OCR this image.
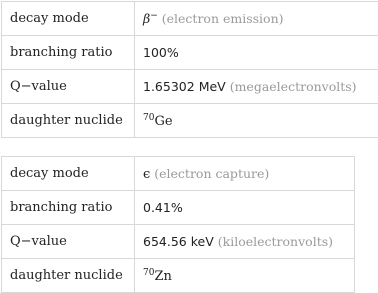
decay mode	β− (electron emission)
branching ratio	100%
Q−value	1.65302 MeV (megaelectronvolts)
daughter nuclide	$^{70}$Ge
decay mode	ϵ (electron capture)
branching ratio	0.41%
Q−value	654.56 keV (kiloelectronvolts)
daughter nuclide	$^{70}$Zn
